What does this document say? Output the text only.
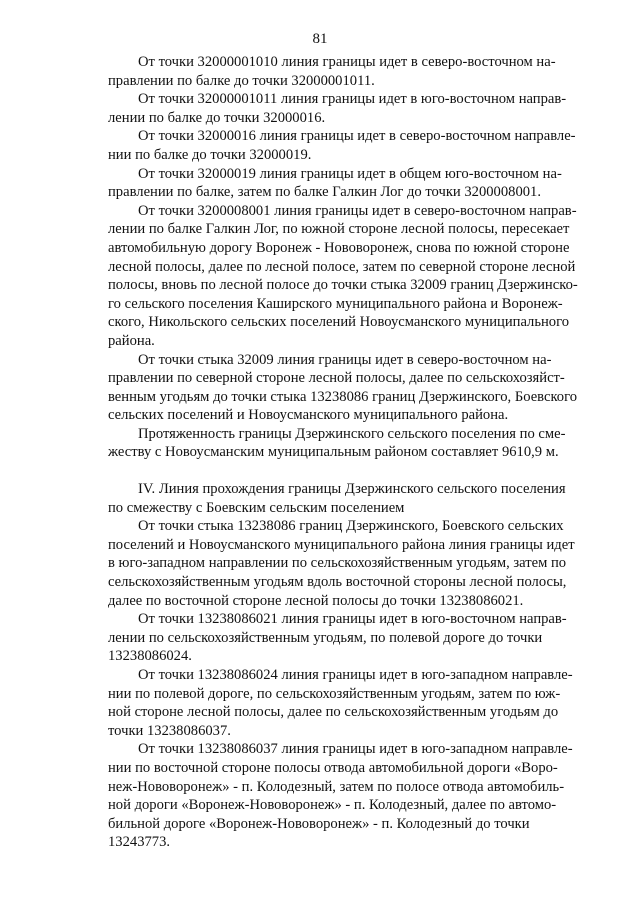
81

От точки 32000001010 линия границы идет в северо-восточном на-
правлении по балке до точки 32000001011.

От точки 32000001011 линия границы идет в юго-восточном направ-
лении по балке до точки 32000016.

От точки 32000016 линия границы идет в северо-восточном направле-
нии по балке до точки 32000019.

От точки 32000019 линия границы идет в общем юго-восточном на-
правлении по балке, затем по балке Галкин Лог до точки 3200008001.

От точки 3200008001 линия границы идет в северо-восточном направ-
лении по балке Галкин Лог, по южной стороне лесной полосы, пересекает
автомобильную дорогу Воронеж - Нововоронеж, снова по южной стороне
лесной полосы, далее по лесной полосе, затем по северной стороне лесной
полосы, вновь по лесной полосе до точки стыка 32009 границ Дзержинско-
го сельского поселения Каширского муниципального района и Воронеж-
ского, Никольского сельских поселений Новоусманского муниципального
района.

От точки стыка 32009 линия границы идет в северо-восточном на-
правлении по северной стороне лесной полосы, далее по сельскохозяйст-
венным угодьям до точки стыка 13238086 границ Дзержинского, Боевского
сельских поселений и Новоусманского муниципального района.

Протяженность границы Дзержинского сельского поселения по сме-
жеству с Новоусманским муниципальным районом составляет 9610,9 м.

IV. Линия прохождения границы Дзержинского сельского поселения
по смежеству с Боевским сельским поселением

От точки стыка 13238086 границ Дзержинского, Боевского сельских
поселений и Новоусманского муниципального района линия границы идет
в юго-западном направлении по сельскохозяйственным угодьям, затем по
сельскохозяйственным угодьям вдоль восточной стороны лесной полосы,
далее по восточной стороне лесной полосы до точки 13238086021.

От точки 13238086021 линия границы идет в юго-восточном направ-
лении по сельскохозяйственным угодьям, по полевой дороге до точки
13238086024.

От точки 13238086024 линия границы идет в юго-западном направле-
нии по полевой дороге, по сельскохозяйственным угодьям, затем по юж-
ной стороне лесной полосы, далее по сельскохозяйственным угодьям до
точки 13238086037.

От точки 13238086037 линия границы идет в юго-западном направле-
нии по восточной стороне полосы отвода автомобильной дороги «Воро-
неж-Нововоронеж» - п. Колодезный, затем по полосе отвода автомобиль-
ной дороги «Воронеж-Нововоронеж» - п. Колодезный, далее по автомо-
бильной дороге «Воронеж-Нововоронеж» - п. Колодезный до точки
13243773.
